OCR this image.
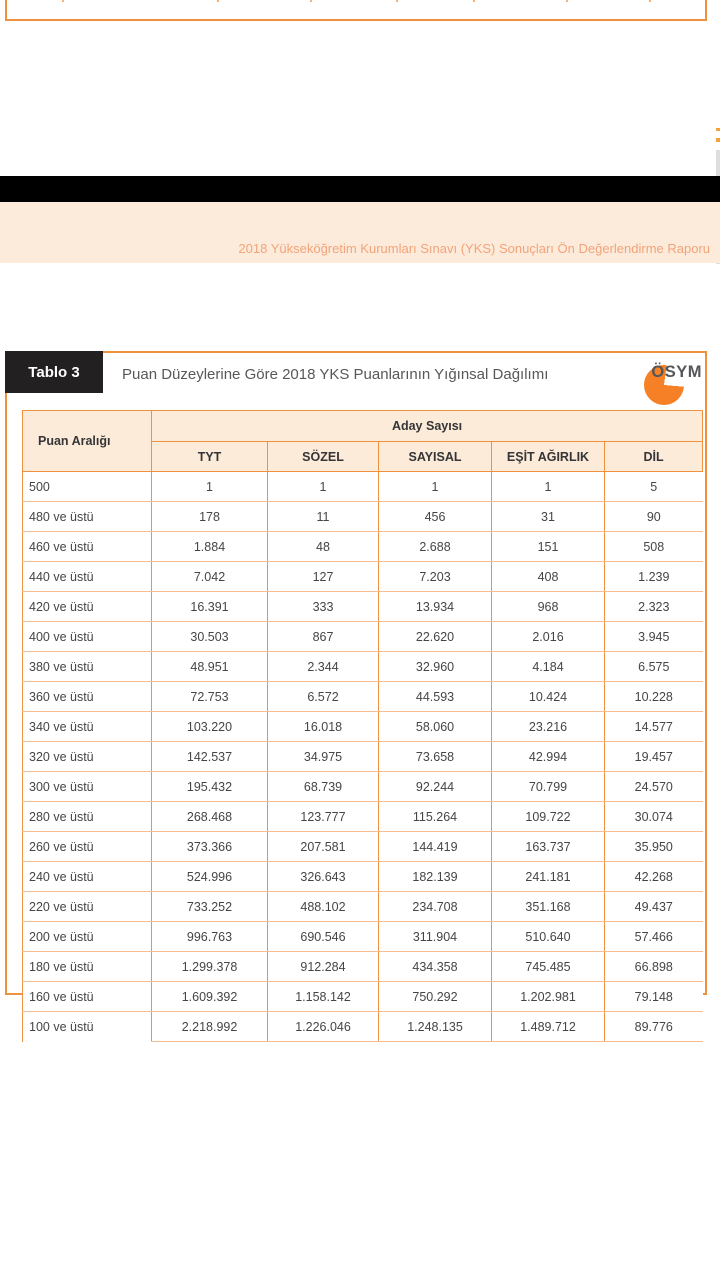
2018 Yükseköğretim Kurumları Sınavı (YKS) Sonuçları Ön Değerlendirme Raporu
Tablo 3	Puan Düzeylerine Göre 2018 YKS Puanlarının Yığınsal Dağılımı	ÖSYM
Puan Aralığı	Aday Sayısı				
	TYT	SÖZEL	SAYISAL	EŞİT AĞIRLIK	DİL
500	1	1	1	1	5
480 ve üstü	178	11	456	31	90
460 ve üstü	1.884	48	2.688	151	508
440 ve üstü	7.042	127	7.203	408	1.239
420 ve üstü	16.391	333	13.934	968	2.323
400 ve üstü	30.503	867	22.620	2.016	3.945
380 ve üstü	48.951	2.344	32.960	4.184	6.575
360 ve üstü	72.753	6.572	44.593	10.424	10.228
340 ve üstü	103.220	16.018	58.060	23.216	14.577
320 ve üstü	142.537	34.975	73.658	42.994	19.457
300 ve üstü	195.432	68.739	92.244	70.799	24.570
280 ve üstü	268.468	123.777	115.264	109.722	30.074
260 ve üstü	373.366	207.581	144.419	163.737	35.950
240 ve üstü	524.996	326.643	182.139	241.181	42.268
220 ve üstü	733.252	488.102	234.708	351.168	49.437
200 ve üstü	996.763	690.546	311.904	510.640	57.466
180 ve üstü	1.299.378	912.284	434.358	745.485	66.898
160 ve üstü	1.609.392	1.158.142	750.292	1.202.981	79.148
100 ve üstü	2.218.992	1.226.046	1.248.135	1.489.712	89.776
